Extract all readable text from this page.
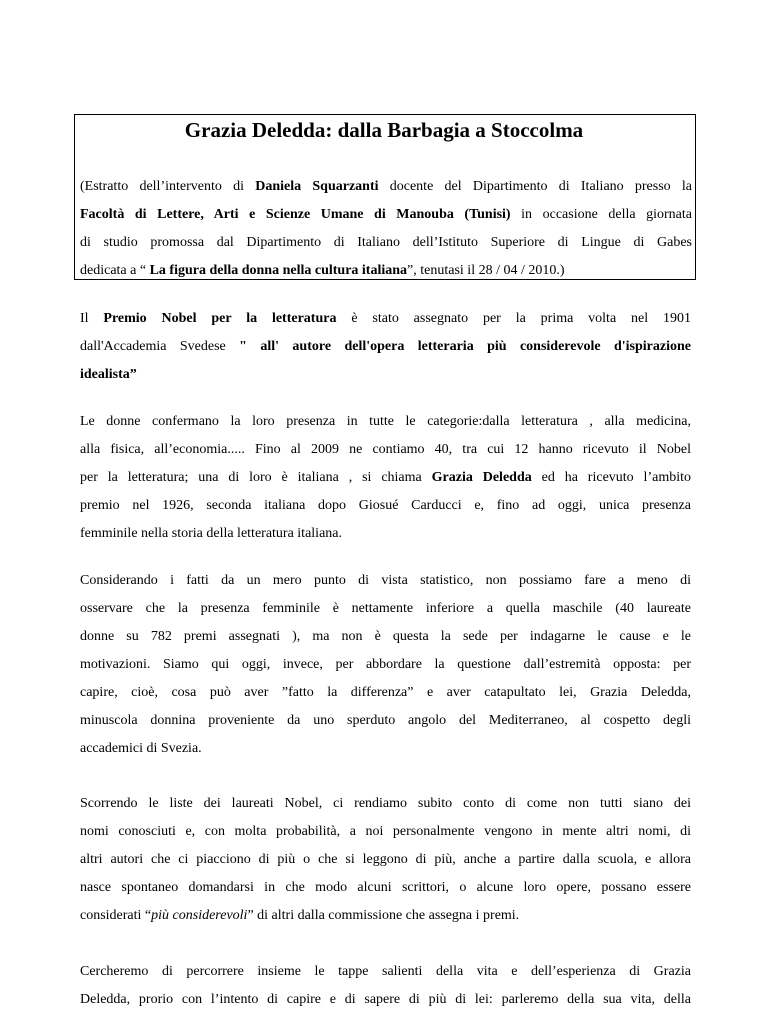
Grazia Deledda: dalla Barbagia a Stoccolma
(Estratto dell’intervento di Daniela Squarzanti docente del Dipartimento di Italiano presso la
Facoltà di Lettere, Arti e Scienze Umane di Manouba (Tunisi) in occasione della giornata
di studio promossa dal Dipartimento di Italiano dell’Istituto Superiore di Lingue di Gabes
dedicata a “ La figura della donna nella cultura italiana”, tenutasi il 28 / 04 / 2010.)
Il Premio Nobel per la letteratura è stato assegnato per la prima volta nel 1901
dall'Accademia Svedese " all' autore dell'opera letteraria più considerevole d'ispirazione
idealista”
Le donne confermano la loro presenza in tutte le categorie:dalla letteratura , alla medicina,
alla fisica, all’economia..... Fino al 2009 ne contiamo 40, tra cui 12 hanno ricevuto il Nobel
per la letteratura; una di loro è italiana , si chiama Grazia Deledda ed ha ricevuto l’ambito
premio nel 1926, seconda italiana dopo Giosué Carducci e, fino ad oggi, unica presenza
femminile nella storia della letteratura italiana.
Considerando i fatti da un mero punto di vista statistico, non possiamo fare a meno di
osservare che la presenza femminile è nettamente inferiore a quella maschile (40 laureate
donne su 782 premi assegnati ), ma non è questa la sede per indagarne le cause e le
motivazioni. Siamo qui oggi, invece, per abbordare la questione dall’estremità opposta: per
capire, cioè, cosa può aver ”fatto la differenza” e aver catapultato lei, Grazia Deledda,
minuscola donnina proveniente da uno sperduto angolo del Mediterraneo, al cospetto degli
accademici di Svezia.
Scorrendo le liste dei laureati Nobel, ci rendiamo subito conto di come non tutti siano dei
nomi conosciuti e, con molta probabilità, a noi personalmente vengono in mente altri nomi, di
altri autori che ci piacciono di più o che si leggono di più, anche a partire dalla scuola, e allora
nasce spontaneo domandarsi in che modo alcuni scrittori, o alcune loro opere, possano essere
considerati “più considerevoli” di altri dalla commissione che assegna i premi.
Cercheremo di percorrere insieme le tappe salienti della vita e dell’esperienza di Grazia
Deledda, prorio con l’intento di capire e di sapere di più di lei: parleremo della sua vita, della
